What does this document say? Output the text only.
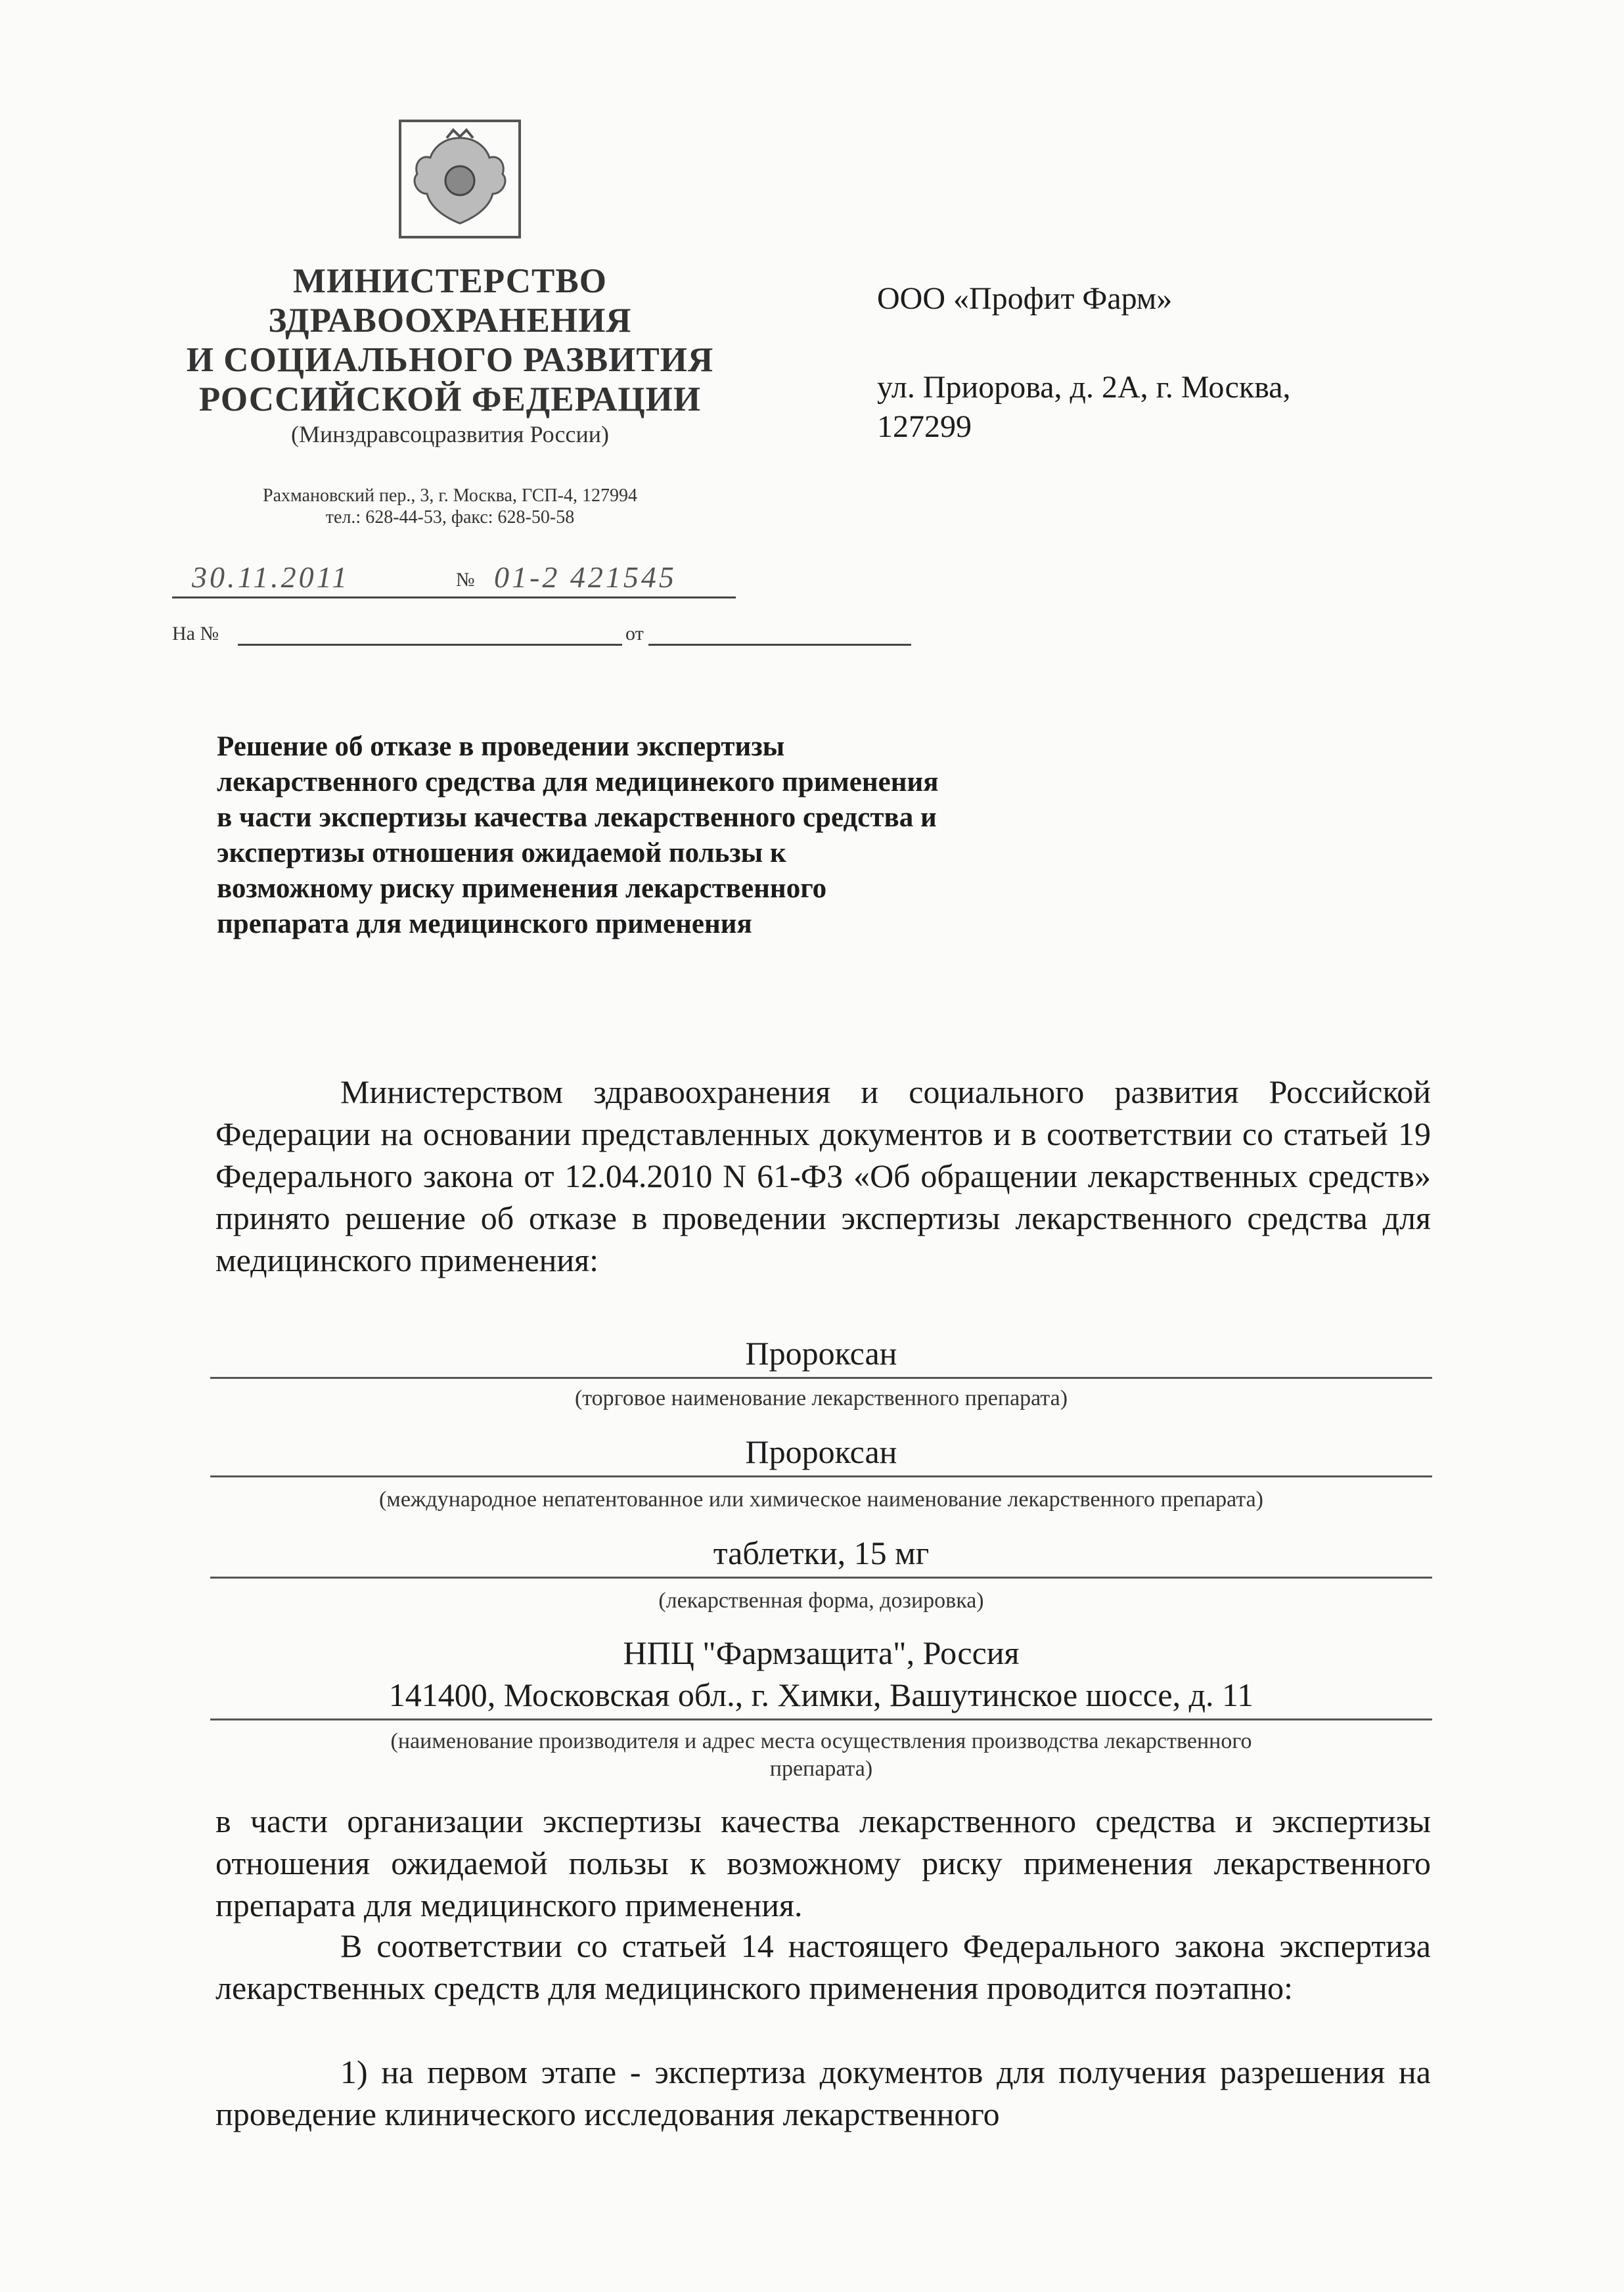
МИНИСТЕРСТВО
ЗДРАВООХРАНЕНИЯ
И СОЦИАЛЬНОГО РАЗВИТИЯ
РОССИЙСКОЙ ФЕДЕРАЦИИ
(Минздравсоцразвития России)
Рахмановский пер., 3, г. Москва, ГСП-4, 127994
тел.: 628-44-53, факс: 628-50-58
30.11.2011	№ 01-2 421545
На №	от
ООО «Профит Фарм»
ул. Приорова, д. 2А, г. Москва,
127299
Решение об отказе в проведении экспертизы лекарственного средства для медицинекого применения в части экспертизы качества лекарственного средства и экспертизы отношения ожидаемой пользы к возможному риску применения лекарственного препарата для медицинского применения
Министерством здравоохранения и социального развития Российской Федерации на основании представленных документов и в соответствии со статьей 19 Федерального закона от 12.04.2010 N 61-ФЗ «Об обращении лекарственных средств» принято решение об отказе в проведении экспертизы лекарственного средства для медицинского применения:
Пророксан
(торговое наименование лекарственного препарата)
Пророксан
(международное непатентованное или химическое наименование лекарственного препарата)
таблетки, 15 мг
(лекарственная форма, дозировка)
НПЦ "Фармзащита", Россия
141400, Московская обл., г. Химки, Вашутинское шоссе, д. 11
(наименование производителя и адрес места осуществления производства лекарственного
препарата)
в части организации экспертизы качества лекарственного средства и экспертизы отношения ожидаемой пользы к возможному риску применения лекарственного препарата для медицинского применения.
В соответствии со статьей 14 настоящего Федерального закона экспертиза лекарственных средств для медицинского применения проводится поэтапно:
1) на первом этапе - экспертиза документов для получения разрешения на проведение клинического исследования лекарственного
